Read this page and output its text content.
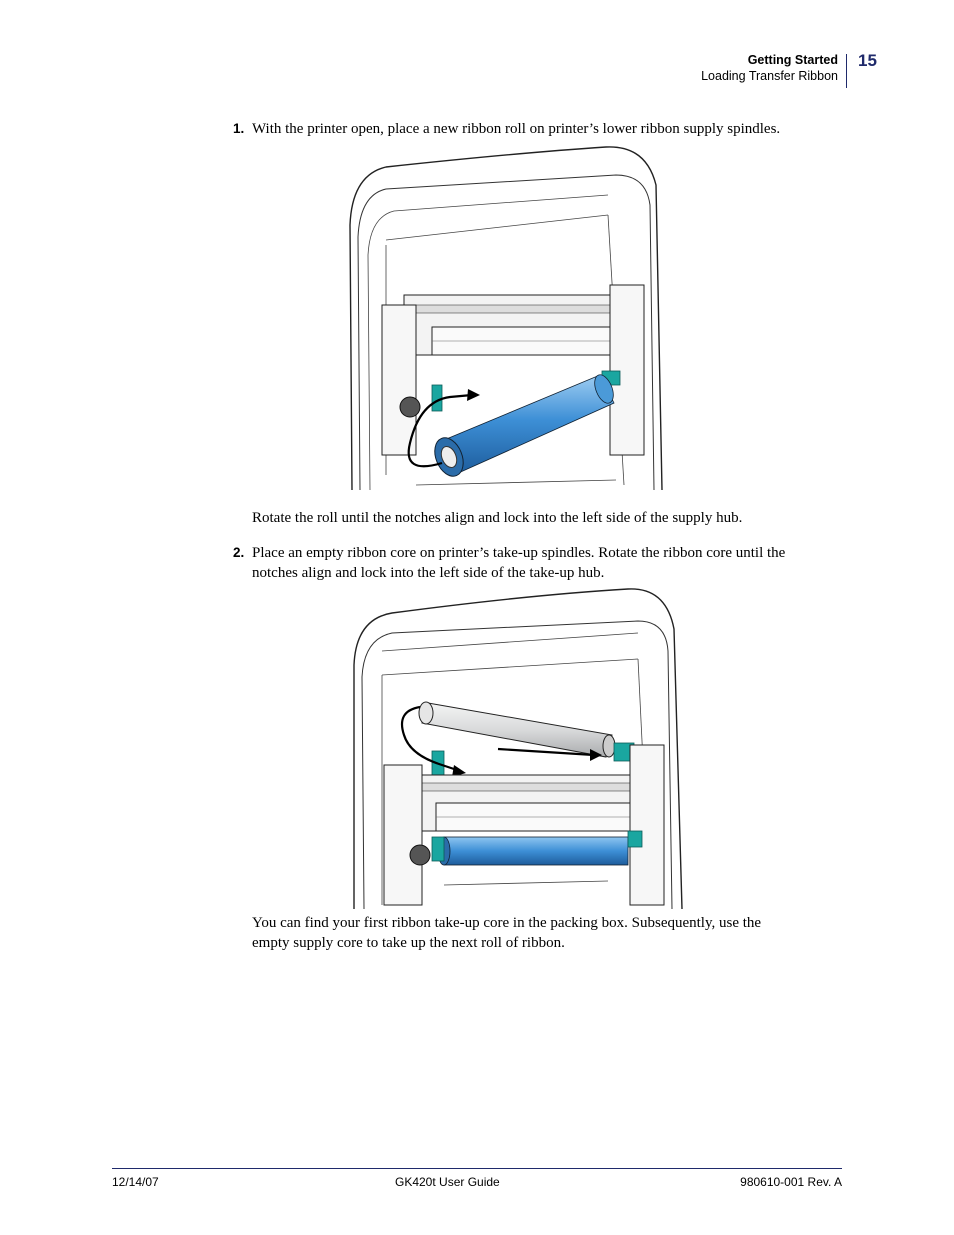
Getting Started
Loading Transfer Ribbon
15
1. With the printer open, place a new ribbon roll on printer’s lower ribbon supply spindles.
Rotate the roll until the notches align and lock into the left side of the supply hub.
2. Place an empty ribbon core on printer’s take-up spindles. Rotate the ribbon core until the
notches align and lock into the left side of the take-up hub.
You can find your first ribbon take-up core in the packing box. Subsequently, use the
empty supply core to take up the next roll of ribbon.
12/14/07	GK420t User Guide	980610-001 Rev. A
